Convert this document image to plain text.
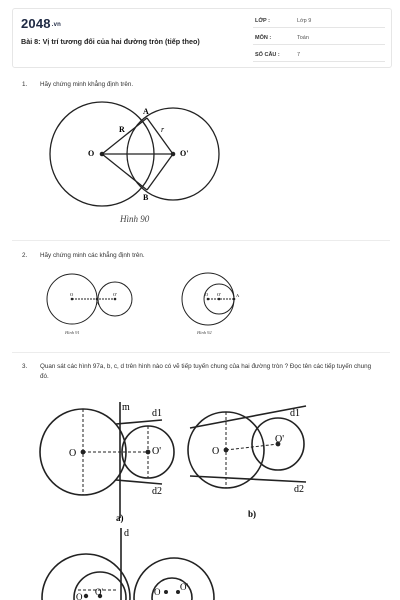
2048.vn
Bài 8: Vị trí tương đối của hai đường tròn (tiếp theo)
LỚP :	Lớp 9
MÔN :	Toán
SỐ CÂU :	7
1. Hãy chứng minh khẳng định trên.
O	O'
A
B
R	r
Hình 90
2. Hãy chứng minh các khẳng định trên.
O
A
O'
Hình 91
O O'	A
Hình 92
3. Quan sát các hình 97a, b, c, d trên hình nào có vẽ tiếp tuyến chung của hai đường tròn ? Đọc tên các tiếp tuyến chung đó.
O	O'
m
d1
d2
a)
O
O'
d1
d2
b)
d
O O'	O O'
